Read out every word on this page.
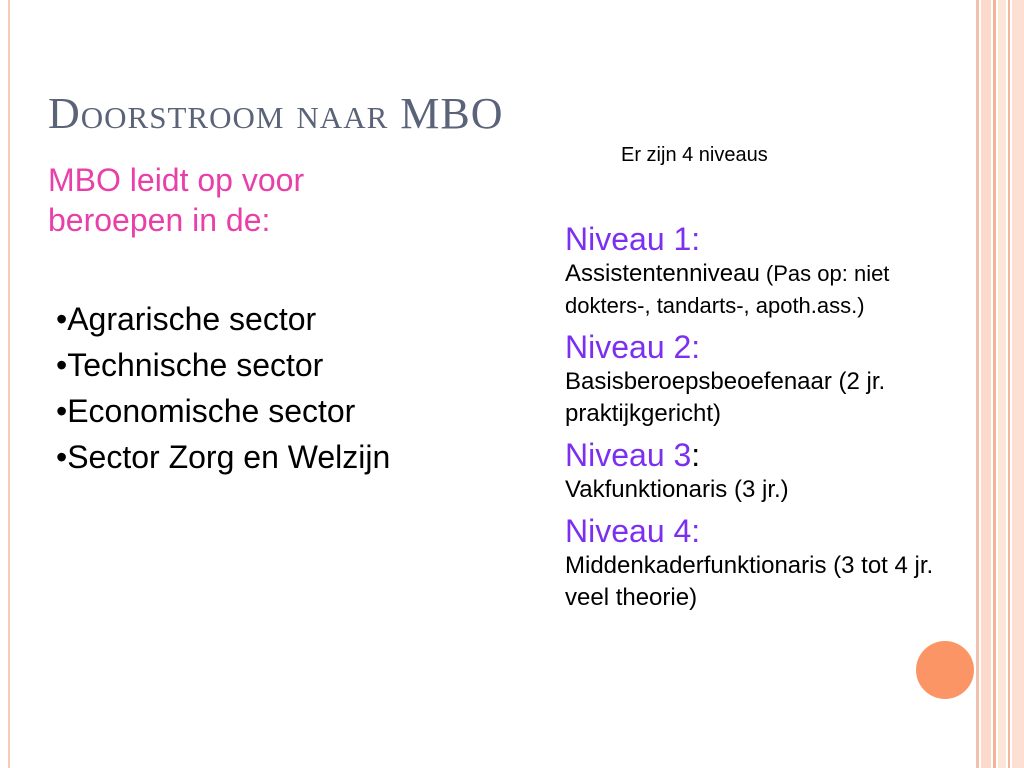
Doorstroom naar MBO
MBO leidt op voor beroepen in de:
•Agrarische sector
•Technische sector
•Economische sector
•Sector Zorg en Welzijn
Er zijn 4 niveaus
Niveau 1:
Assistentenniveau (Pas op: niet dokters-, tandarts-, apoth.ass.)
Niveau 2:
Basisberoepsbeoefenaar (2 jr. praktijkgericht)
Niveau 3:
Vakfunktionaris (3 jr.)
Niveau 4:
Middenkaderfunktionaris (3 tot 4 jr. veel theorie)
